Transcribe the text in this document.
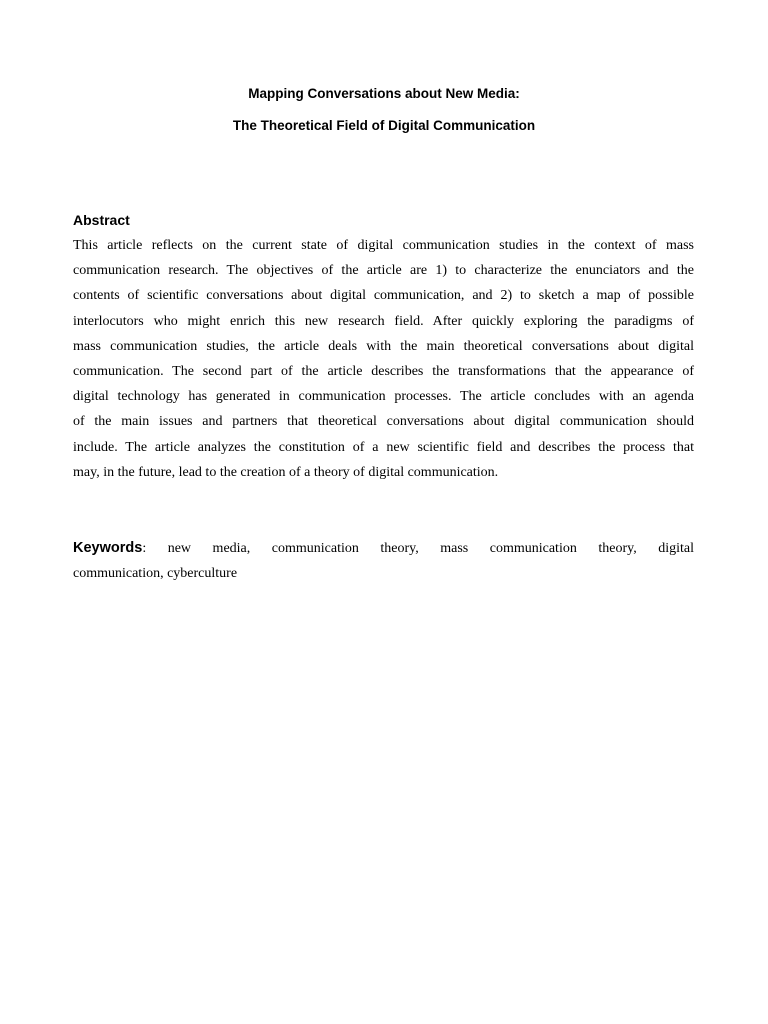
Mapping Conversations about New Media:
The Theoretical Field of Digital Communication
Abstract

This article reflects on the current state of digital communication studies in the context of mass
communication research. The objectives of the article are 1) to characterize the enunciators and the
contents of scientific conversations about digital communication, and 2) to sketch a map of possible
interlocutors who might enrich this new research field. After quickly exploring the paradigms of
mass communication studies, the article deals with the main theoretical conversations about digital
communication. The second part of the article describes the transformations that the appearance of
digital technology has generated in communication processes. The article concludes with an agenda
of the main issues and partners that theoretical conversations about digital communication should
include. The article analyzes the constitution of a new scientific field and describes the process that
may, in the future, lead to the creation of a theory of digital communication.

Keywords: new media, communication theory, mass communication theory, digital
communication, cyberculture
